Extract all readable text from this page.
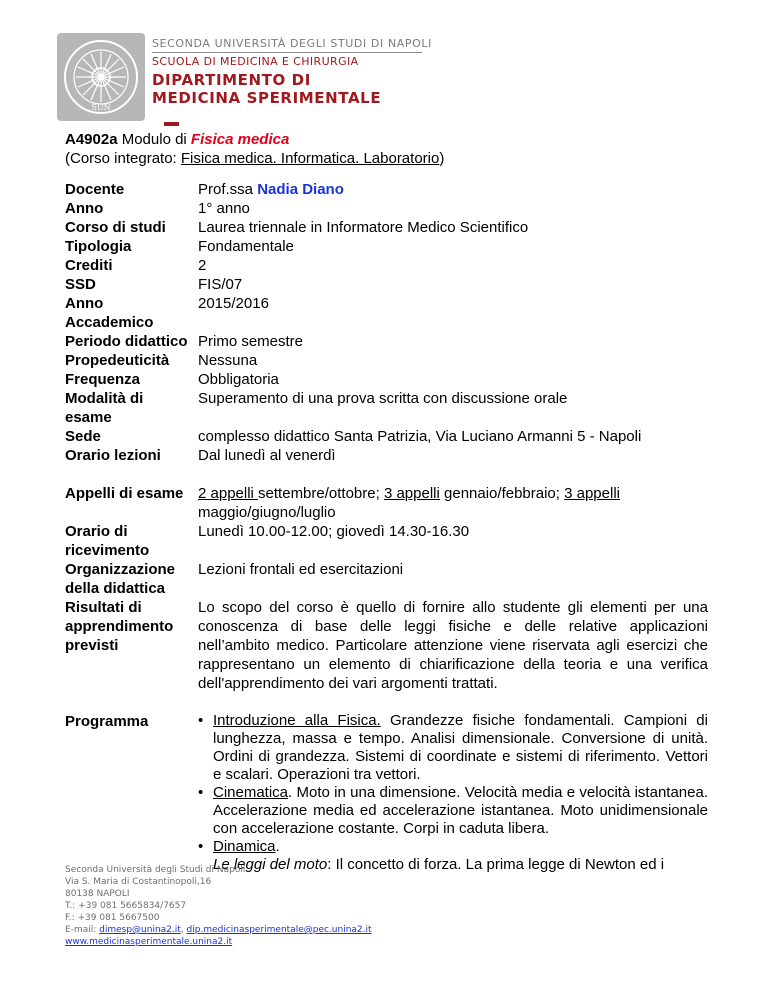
SUN
SECONDA UNIVERSITÀ DEGLI STUDI DI NAPOLI
SCUOLA DI MEDICINA E CHIRURGIA
DIPARTIMENTO DI
MEDICINA SPERIMENTALE
A4902a Modulo di Fisica medica
(Corso integrato: Fisica medica. Informatica. Laboratorio)
Docente	Prof.ssa Nadia Diano
Anno	1° anno
Corso di studi	Laurea triennale in Informatore Medico Scientifico
Tipologia	Fondamentale
Crediti	2
SSD	FIS/07
Anno
Accademico
2015/2016
Periodo didattico Primo semestre
Propedeuticità	Nessuna
Frequenza	Obbligatoria
Modalità di
esame
Superamento di una prova scritta con discussione orale
Sede	complesso didattico Santa Patrizia, Via Luciano Armanni 5 - Napoli
Orario lezioni	Dal lunedì al venerdì
Appelli di esame 2 appelli settembre/ottobre; 3 appelli gennaio/febbraio; 3 appelli
maggio/giugno/luglio
Orario di
ricevimento
Lunedì 10.00-12.00; giovedì 14.30-16.30
Organizzazione
della didattica
Lezioni frontali ed esercitazioni
Risultati di
apprendimento
previsti
Lo scopo del corso è quello di fornire allo studente gli elementi per una conoscenza di base delle leggi fisiche e delle relative applicazioni nell’ambito medico. Particolare attenzione viene riservata agli esercizi che rappresentano un elemento di chiarificazione della teoria e una verifica dell'apprendimento dei vari argomenti trattati.
Programma
•	Introduzione alla Fisica. Grandezze fisiche fondamentali. Campioni di lunghezza, massa e tempo. Analisi dimensionale. Conversione di unità. Ordini di grandezza. Sistemi di coordinate e sistemi di riferimento. Vettori e scalari. Operazioni tra vettori.
• Cinematica. Moto in una dimensione. Velocità media e velocità istantanea. Accelerazione media ed accelerazione istantanea. Moto unidimensionale con accelerazione costante. Corpi in caduta libera.
• Dinamica.
Le leggi del moto: Il concetto di forza. La prima legge di Newton ed i
Seconda Università degli Studi di Napoli
Via S. Maria di Costantinopoli,16
80138 NAPOLI
T.: +39 081 5665834/7657
F.: +39 081 5667500
E-mail: dimesp@unina2.it, dip.medicinasperimentale@pec.unina2.it
www.medicinasperimentale.unina2.it
